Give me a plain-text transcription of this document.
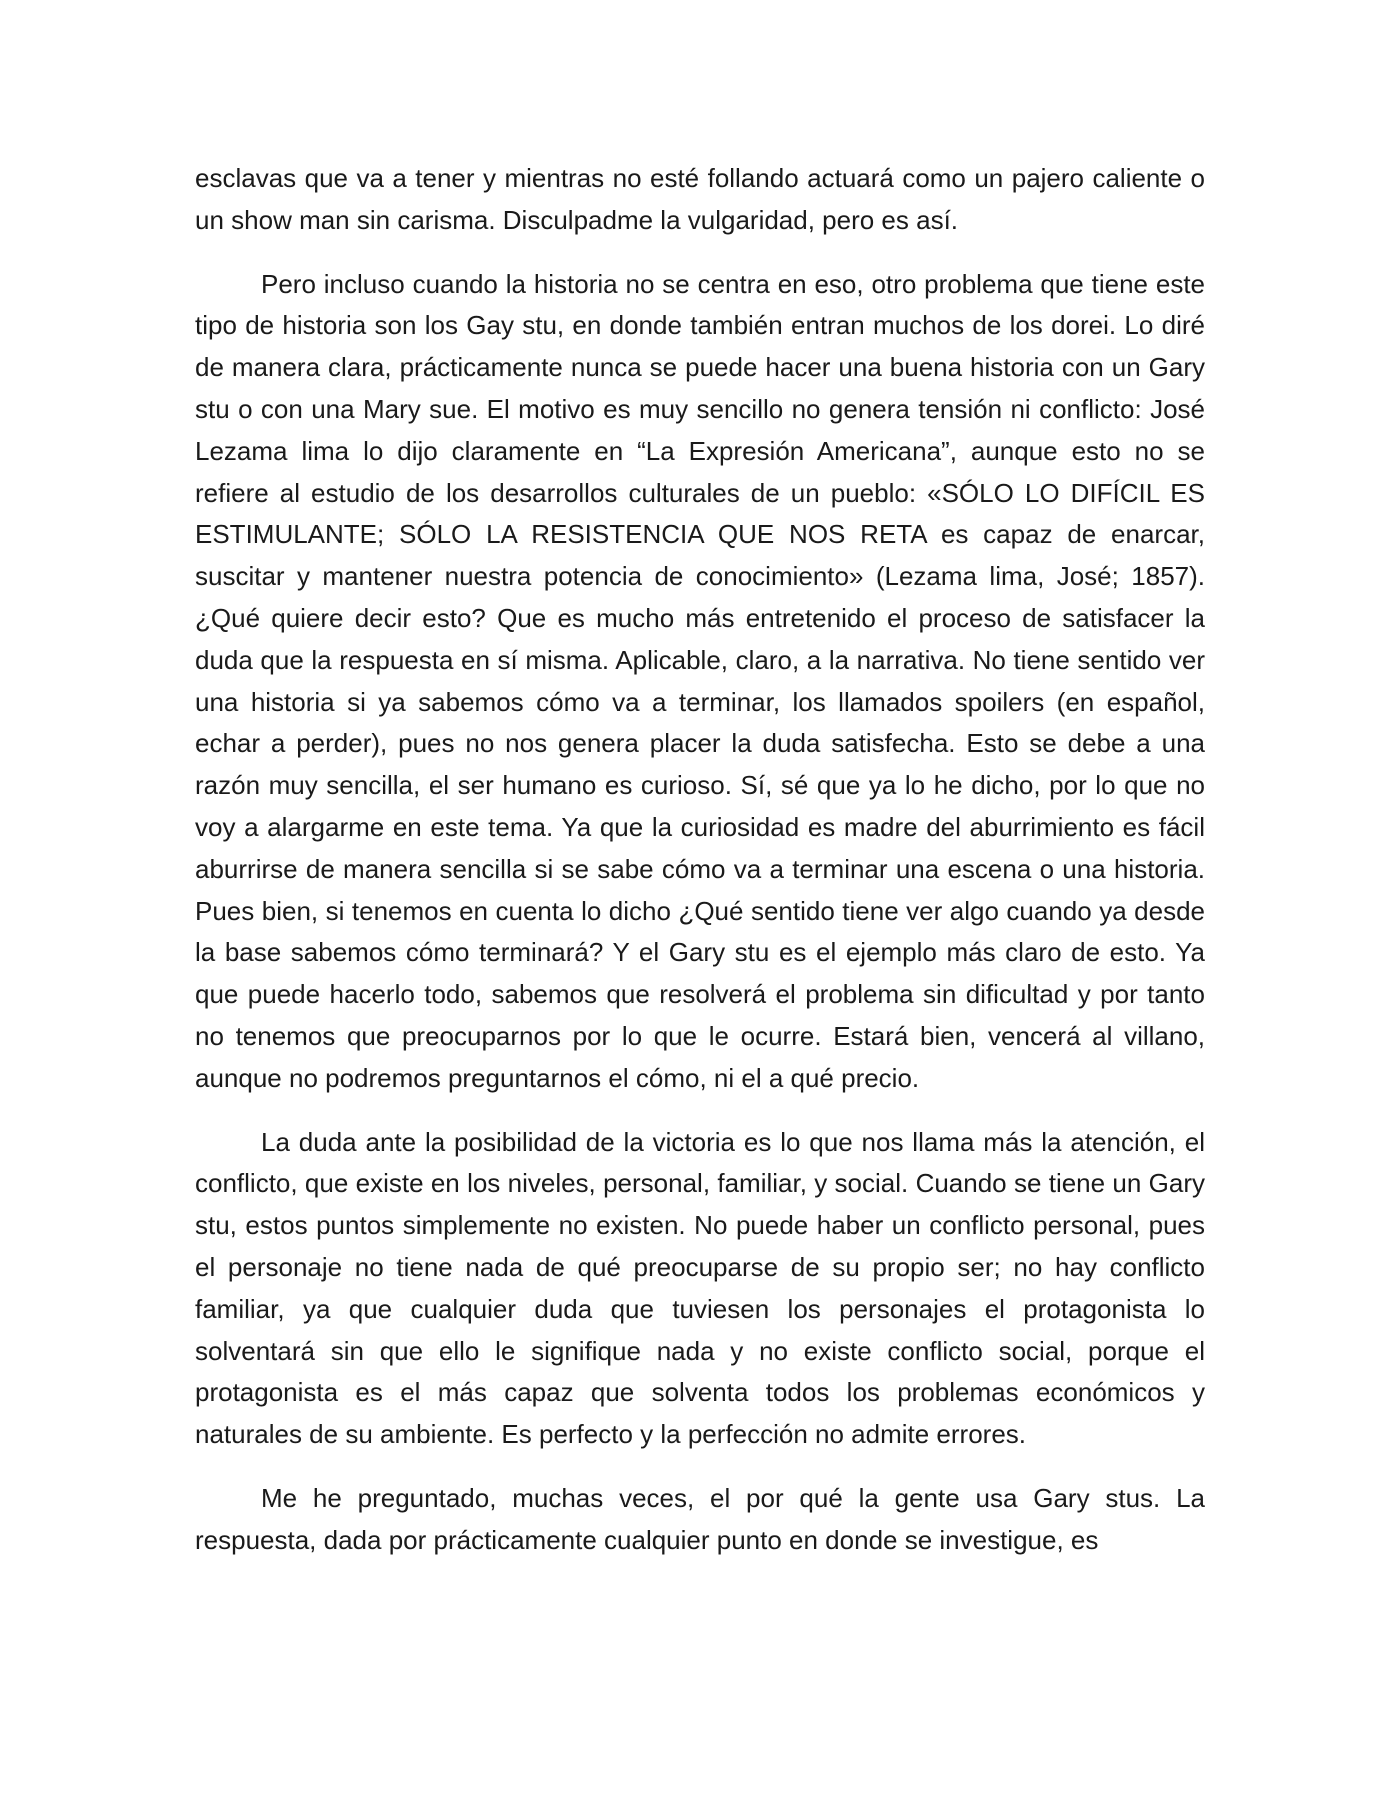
esclavas que va a tener y mientras no esté follando actuará como un pajero caliente o un show man sin carisma. Disculpadme la vulgaridad, pero es así.

Pero incluso cuando la historia no se centra en eso, otro problema que tiene este tipo de historia son los Gay stu, en donde también entran muchos de los dorei. Lo diré de manera clara, prácticamente nunca se puede hacer una buena historia con un Gary stu o con una Mary sue. El motivo es muy sencillo no genera tensión ni conflicto: José Lezama lima lo dijo claramente en “La Expresión Americana”, aunque esto no se refiere al estudio de los desarrollos culturales de un pueblo: «SÓLO LO DIFÍCIL ES ESTIMULANTE; SÓLO LA RESISTENCIA QUE NOS RETA es capaz de enarcar, suscitar y mantener nuestra potencia de conocimiento» (Lezama lima, José; 1857). ¿Qué quiere decir esto? Que es mucho más entretenido el proceso de satisfacer la duda que la respuesta en sí misma. Aplicable, claro, a la narrativa. No tiene sentido ver una historia si ya sabemos cómo va a terminar, los llamados spoilers (en español, echar a perder), pues no nos genera placer la duda satisfecha. Esto se debe a una razón muy sencilla, el ser humano es curioso. Sí, sé que ya lo he dicho, por lo que no voy a alargarme en este tema. Ya que la curiosidad es madre del aburrimiento es fácil aburrirse de manera sencilla si se sabe cómo va a terminar una escena o una historia. Pues bien, si tenemos en cuenta lo dicho ¿Qué sentido tiene ver algo cuando ya desde la base sabemos cómo terminará? Y el Gary stu es el ejemplo más claro de esto. Ya que puede hacerlo todo, sabemos que resolverá el problema sin dificultad y por tanto no tenemos que preocuparnos por lo que le ocurre. Estará bien, vencerá al villano, aunque no podremos preguntarnos el cómo, ni el a qué precio.

La duda ante la posibilidad de la victoria es lo que nos llama más la atención, el conflicto, que existe en los niveles, personal, familiar, y social. Cuando se tiene un Gary stu, estos puntos simplemente no existen. No puede haber un conflicto personal, pues el personaje no tiene nada de qué preocuparse de su propio ser; no hay conflicto familiar, ya que cualquier duda que tuviesen los personajes el protagonista lo solventará sin que ello le signifique nada y no existe conflicto social, porque el protagonista es el más capaz que solventa todos los problemas económicos y naturales de su ambiente. Es perfecto y la perfección no admite errores.

Me he preguntado, muchas veces, el por qué la gente usa Gary stus. La respuesta, dada por prácticamente cualquier punto en donde se investigue, es
